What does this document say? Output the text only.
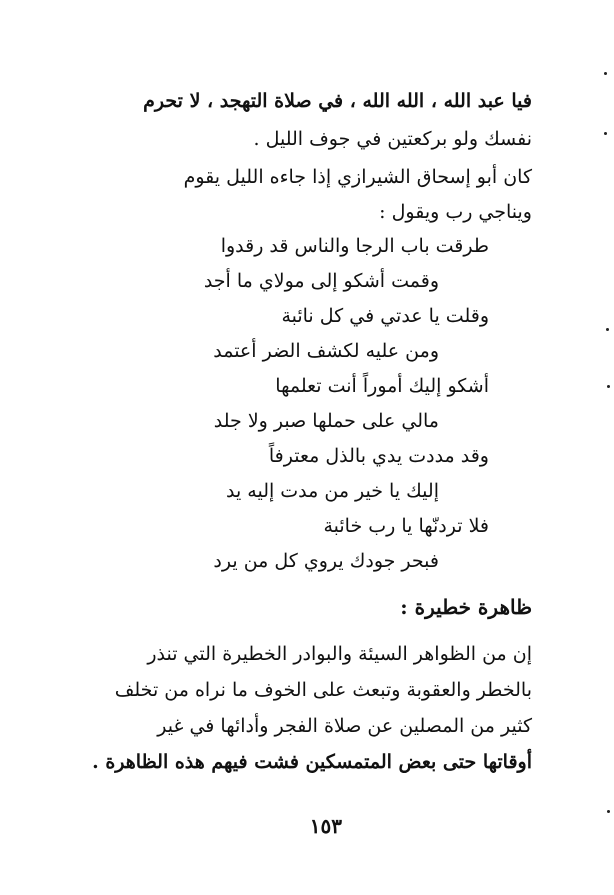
فيا عبد الله ، الله الله ، في صلاة التهجد ، لا تحرم
نفسك ولو بركعتين في جوف الليل .
كان أبو إسحاق الشيرازي إذا جاءه الليل يقوم
ويناجي رب ويقول :
طرقت باب الرجا والناس قد رقدوا
وقمت أشكو إلى مولاي ما أجد
وقلت يا عدتي في كل نائبة
ومن عليه لكشف الضر أعتمد
أشكو إليك أموراً أنت تعلمها
مالي على حملها صبر ولا جلد
وقد مددت يدي بالذل معترفاً
إليك يا خير من مدت إليه يد
فلا تردنّها يا رب خائبة
فبحر جودك يروي كل من يرد
ظاهرة خطيرة :
إن من الظواهر السيئة والبوادر الخطيرة التي تنذر
بالخطر والعقوبة وتبعث على الخوف ما نراه من تخلف
كثير من المصلين عن صلاة الفجر وأدائها في غير
أوقاتها حتى بعض المتمسكين فشت فيهم هذه الظاهرة .
١٥٣
